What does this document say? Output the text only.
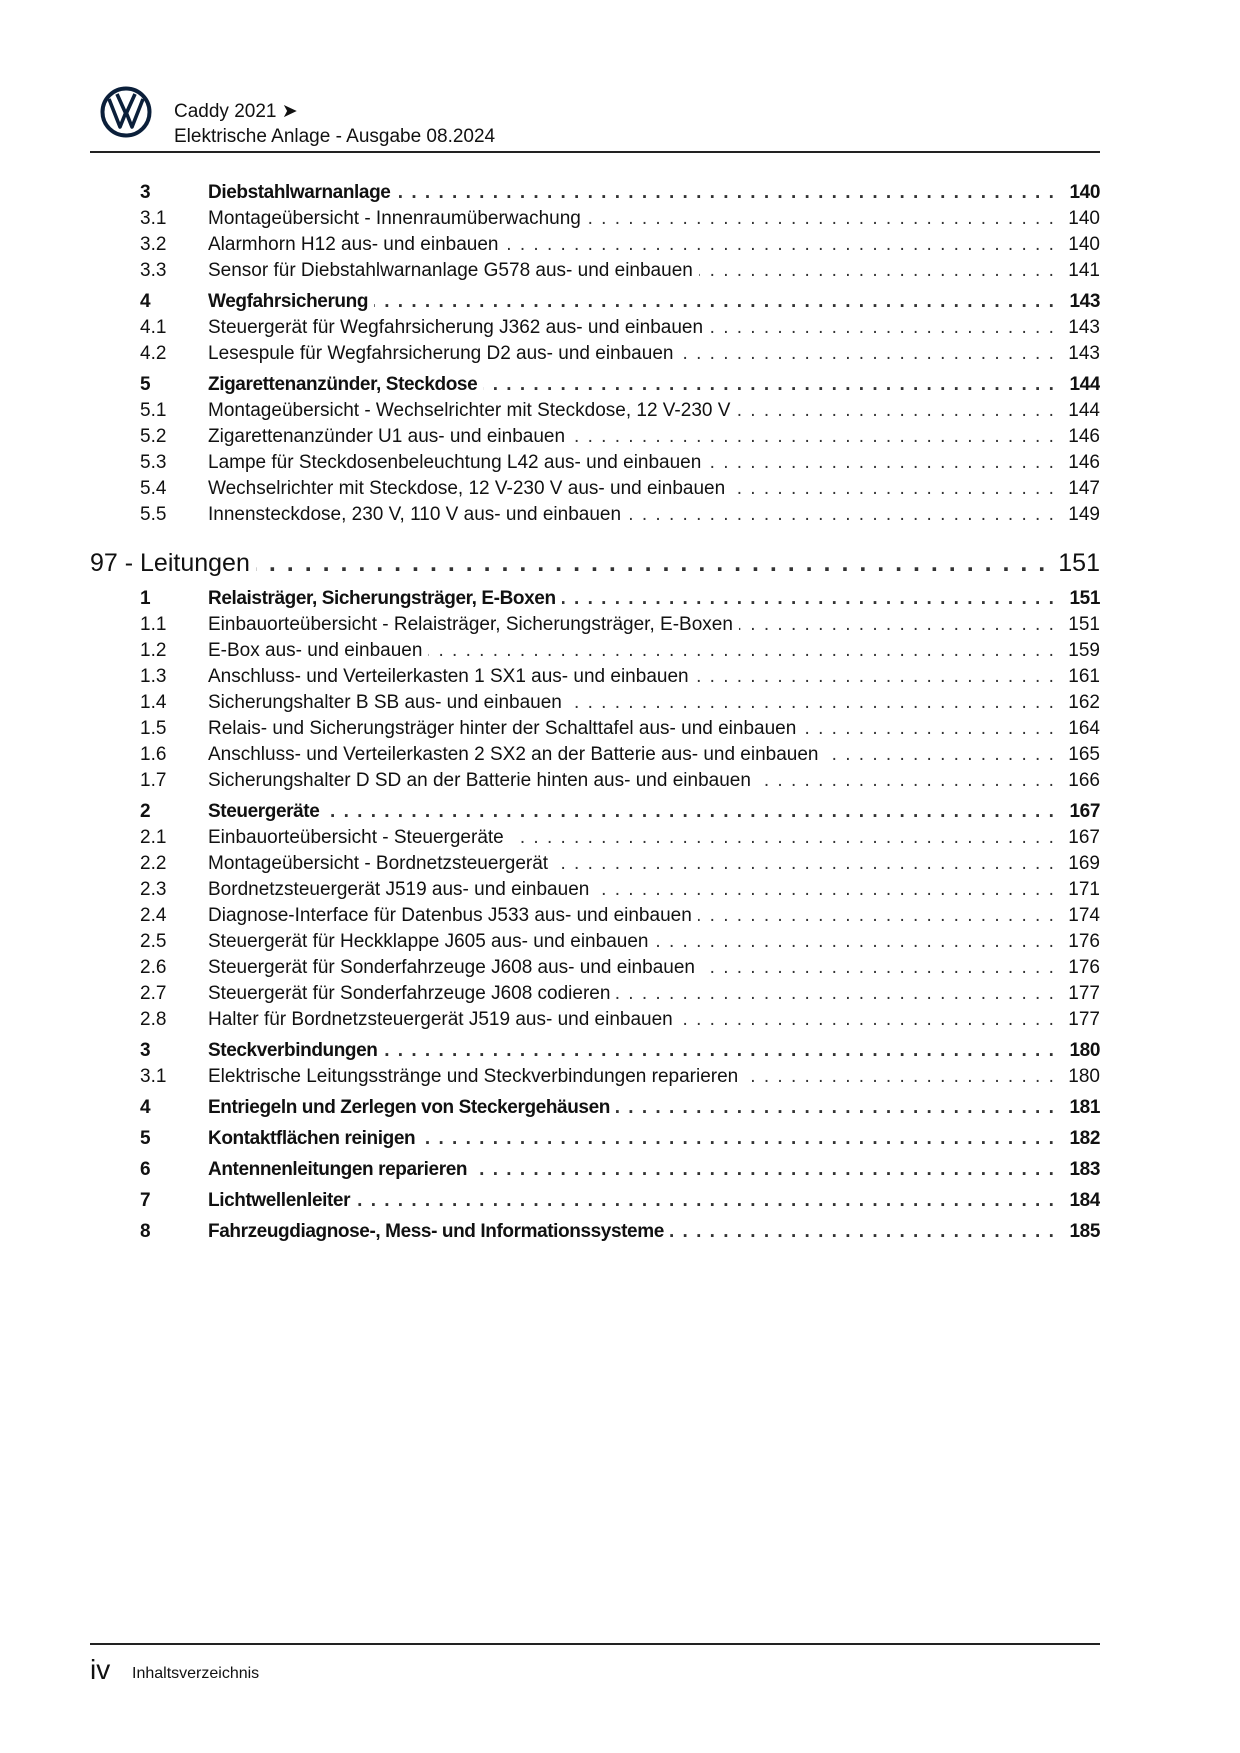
Caddy 2021 ➤
Elektrische Anlage - Ausgabe 08.2024
3	Diebstahlwarnanlage . . .	140
3.1 Montageübersicht - Innenraumüberwachung . . .	140
3.2 Alarmhorn H12 aus- und einbauen . . .	140
3.3 Sensor für Diebstahlwarnanlage G578 aus- und einbauen . . .	141
4	Wegfahrsicherung . . .	143
4.1 Steuergerät für Wegfahrsicherung J362 aus- und einbauen . . .	143
4.2 Lesespule für Wegfahrsicherung D2 aus- und einbauen . . .	143
5	Zigarettenanzünder, Steckdose . . .	144
5.1 Montageübersicht - Wechselrichter mit Steckdose, 12 V-230 V . . .	144
5.2 Zigarettenanzünder U1 aus- und einbauen . . .	146
5.3 Lampe für Steckdosenbeleuchtung L42 aus- und einbauen . . .	146
5.4 Wechselrichter mit Steckdose, 12 V-230 V aus- und einbauen . . .	147
5.5 Innensteckdose, 230 V, 110 V aus- und einbauen . . .	149
97 - Leitungen . . .	151
1	Relaisträger, Sicherungsträger, E-Boxen . . .	151
1.1 Einbauorteübersicht - Relaisträger, Sicherungsträger, E-Boxen . . .	151
1.2 E-Box aus- und einbauen . . .	159
1.3 Anschluss- und Verteilerkasten 1 SX1 aus- und einbauen . . .	161
1.4 Sicherungshalter B SB aus- und einbauen . . .	162
1.5 Relais- und Sicherungsträger hinter der Schalttafel aus- und einbauen . . .	164
1.6 Anschluss- und Verteilerkasten 2 SX2 an der Batterie aus- und einbauen . . .	165
1.7 Sicherungshalter D SD an der Batterie hinten aus- und einbauen . . .	166
2	Steuergeräte . . .	167
2.1 Einbauorteübersicht - Steuergeräte . . .	167
2.2 Montageübersicht - Bordnetzsteuergerät . . .	169
2.3 Bordnetzsteuergerät J519 aus- und einbauen . . .	171
2.4 Diagnose-Interface für Datenbus J533 aus- und einbauen . . .	174
2.5 Steuergerät für Heckklappe J605 aus- und einbauen . . .	176
2.6 Steuergerät für Sonderfahrzeuge J608 aus- und einbauen . . .	176
2.7 Steuergerät für Sonderfahrzeuge J608 codieren . . .	177
2.8 Halter für Bordnetzsteuergerät J519 aus- und einbauen . . .	177
3	Steckverbindungen . . .	180
3.1 Elektrische Leitungsstränge und Steckverbindungen reparieren . . .	180
4	Entriegeln und Zerlegen von Steckergehäusen . . .	181
5	Kontaktflächen reinigen . . .	182
6	Antennenleitungen reparieren . . .	183
7	Lichtwellenleiter . . .	184
8	Fahrzeugdiagnose-, Mess- und Informationssysteme . . .	185
iv Inhaltsverzeichnis
